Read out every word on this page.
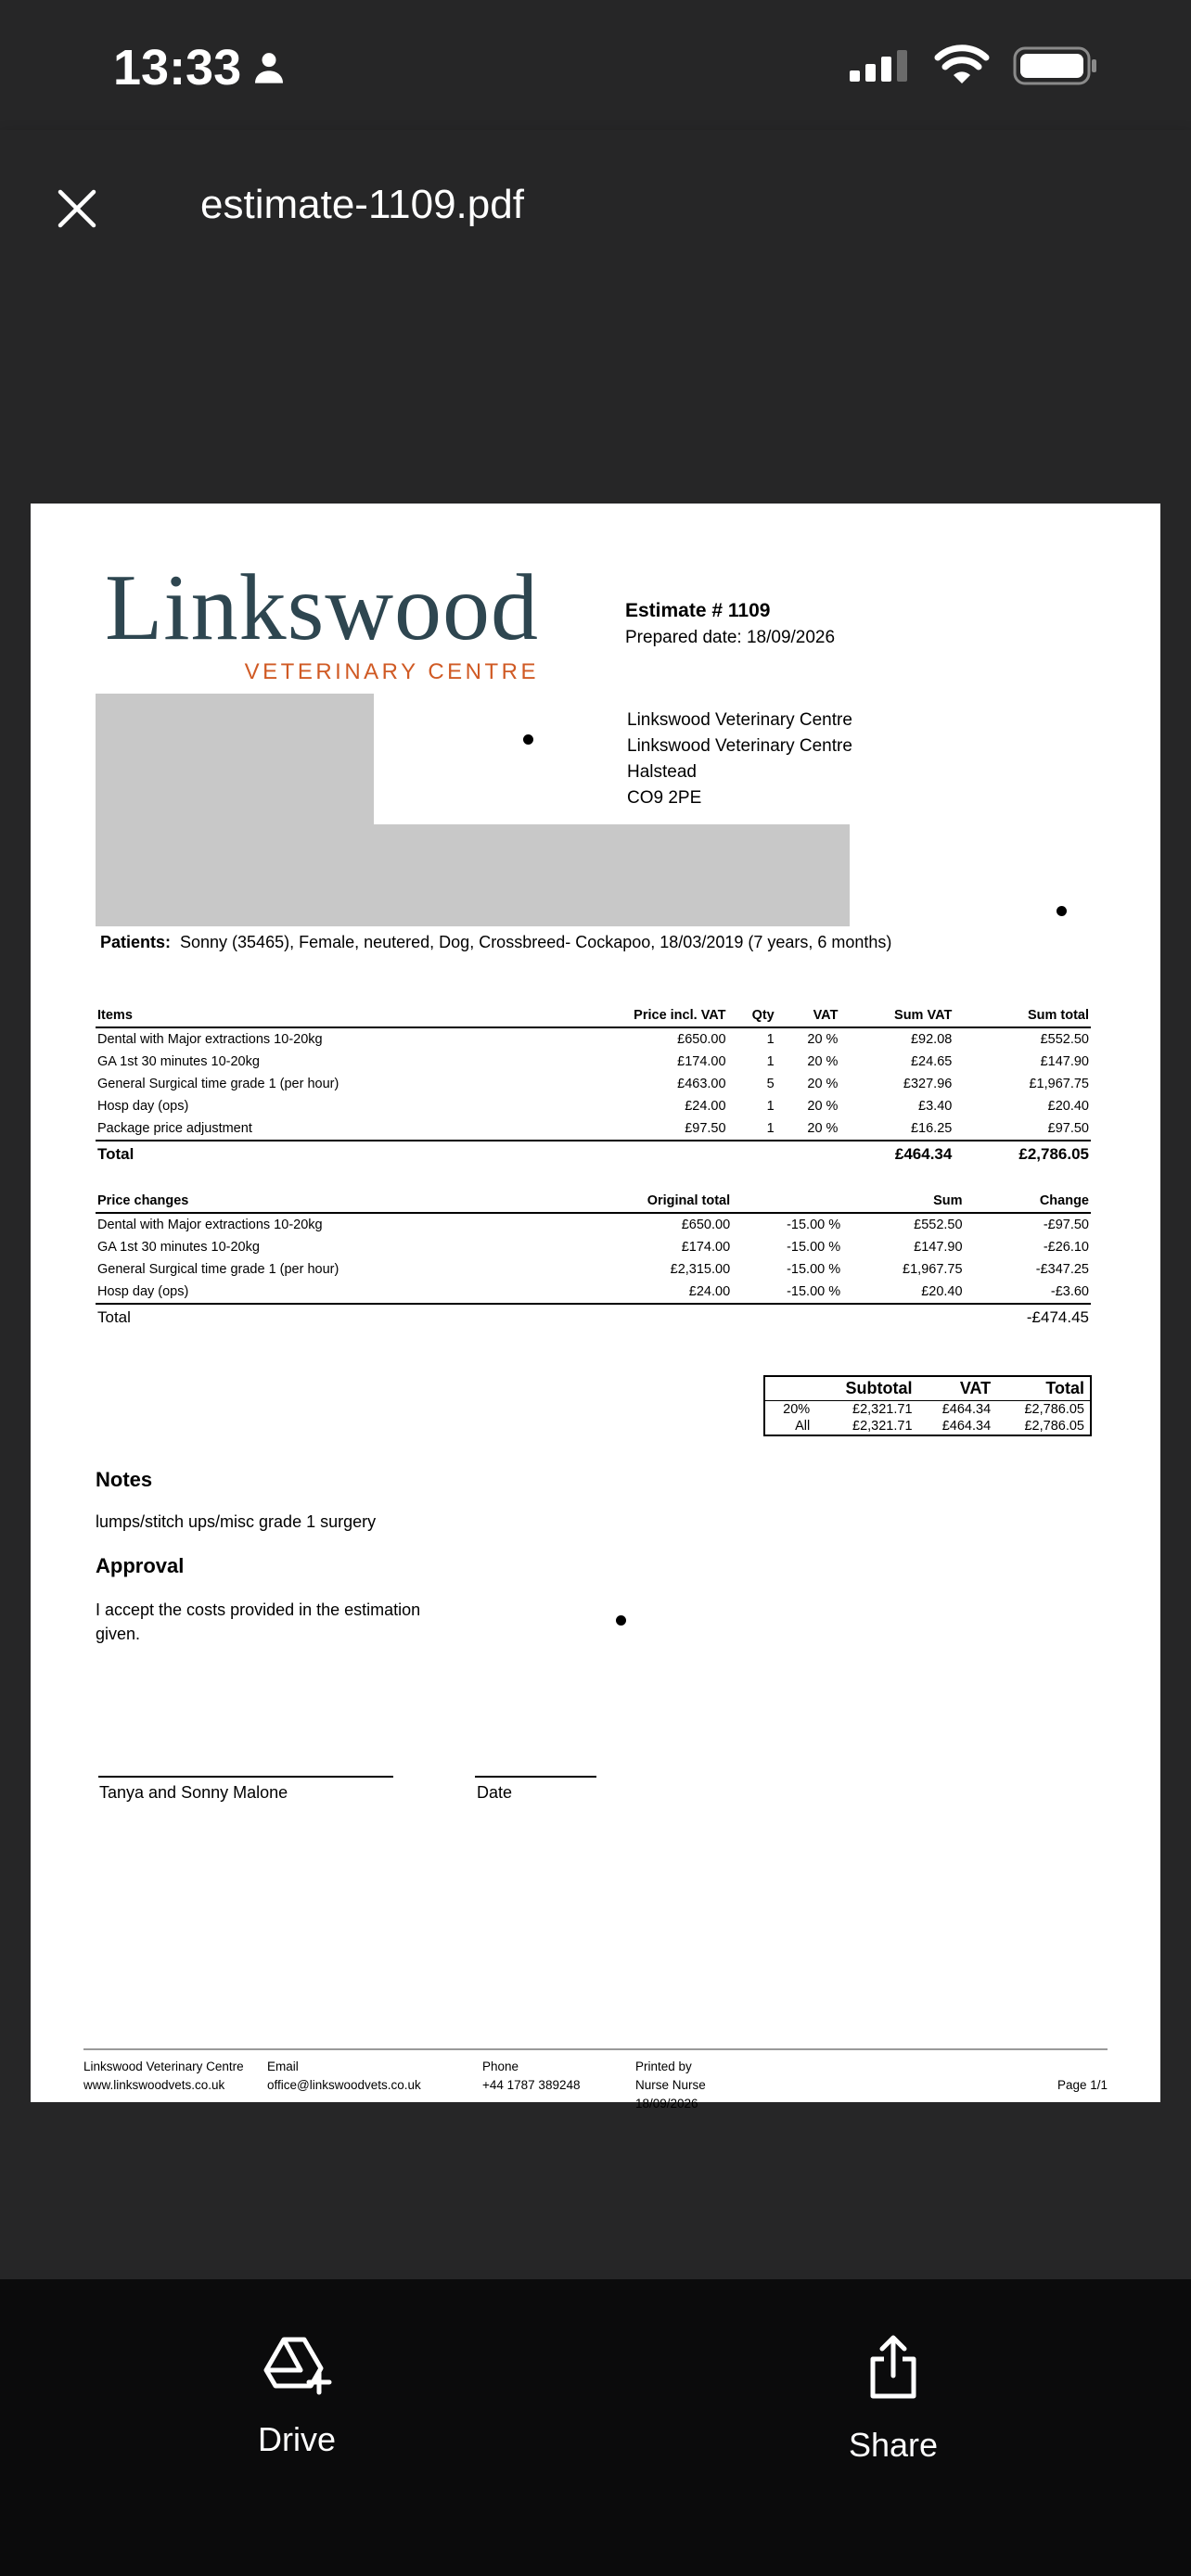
13:33
estimate-1109.pdf
Linkswood
VETERINARY CENTRE
Estimate # 1109
Prepared date: 18/09/2026
Linkswood Veterinary Centre
Linkswood Veterinary Centre
Halstead
CO9 2PE
Patients: Sonny (35465), Female, neutered, Dog, Crossbreed- Cockapoo, 18/03/2019 (7 years, 6 months)
Items	Price incl. VAT	Qty	VAT	Sum VAT	Sum total
Dental with Major extractions 10-20kg	£650.00	1	20 %	£92.08	£552.50
GA 1st 30 minutes 10-20kg	£174.00	1	20 %	£24.65	£147.90
General Surgical time grade 1 (per hour)	£463.00	5	20 %	£327.96	£1,967.75
Hosp day (ops)	£24.00	1	20 %	£3.40	£20.40
Package price adjustment	£97.50	1	20 %	£16.25	£97.50
Total				£464.34	£2,786.05
Price changes	Original total		Sum	Change
Dental with Major extractions 10-20kg	£650.00	-15.00 %	£552.50	-£97.50
GA 1st 30 minutes 10-20kg	£174.00	-15.00 %	£147.90	-£26.10
General Surgical time grade 1 (per hour)	£2,315.00	-15.00 %	£1,967.75	-£347.25
Hosp day (ops)	£24.00	-15.00 %	£20.40	-£3.60
Total				-£474.45
	Subtotal	VAT	Total
20%	£2,321.71	£464.34	£2,786.05
All	£2,321.71	£464.34	£2,786.05
Notes
lumps/stitch ups/misc grade 1 surgery
Approval
I accept the costs provided in the estimation given.
Tanya and Sonny Malone	Date
Linkswood Veterinary Centre
www.linkswoodvets.co.uk
Email
office@linkswoodvets.co.uk
Phone
+44 1787 389248
Printed by
Nurse Nurse
18/09/2026
Page 1/1
Drive	Share
